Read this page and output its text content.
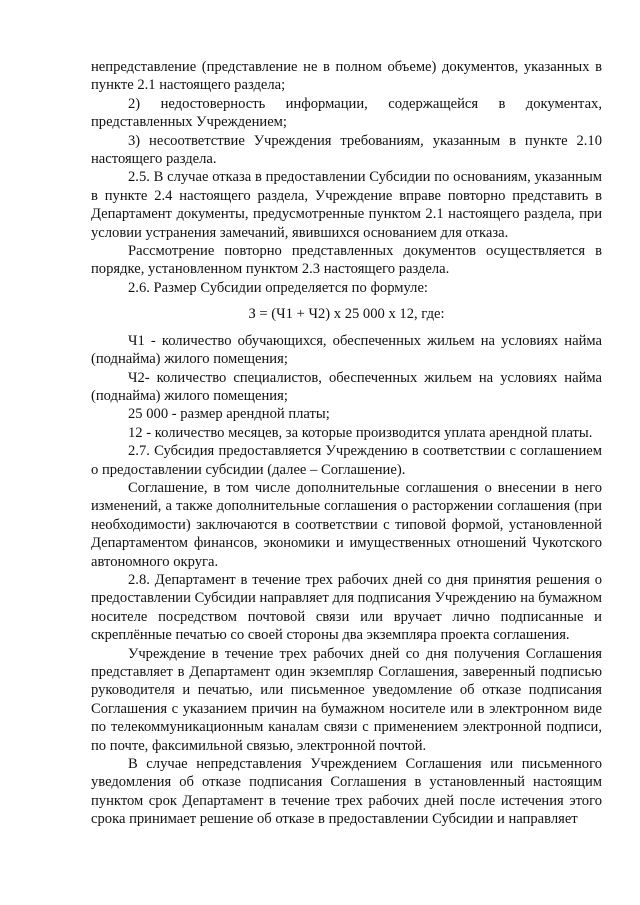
непредставление (представление не в полном объеме) документов, указанных в пункте 2.1 настоящего раздела;

2) недостоверность информации, содержащейся в документах, представленных Учреждением;

3) несоответствие Учреждения требованиям, указанным в пункте 2.10 настоящего раздела.

2.5. В случае отказа в предоставлении Субсидии по основаниям, указанным в пункте 2.4 настоящего раздела, Учреждение вправе повторно представить в Департамент документы, предусмотренные пунктом 2.1 настоящего раздела, при условии устранения замечаний, явившихся основанием для отказа.

Рассмотрение повторно представленных документов осуществляется в порядке, установленном пунктом 2.3 настоящего раздела.

2.6. Размер Субсидии определяется по формуле:

З = (Ч1 + Ч2) х 25 000 х 12, где:

Ч1 - количество обучающихся, обеспеченных жильем на условиях найма (поднайма) жилого помещения;

Ч2- количество специалистов, обеспеченных жильем на условиях найма (поднайма) жилого помещения;

25 000 - размер арендной платы;

12 - количество месяцев, за которые производится уплата арендной платы.

2.7. Субсидия предоставляется Учреждению в соответствии с соглашением о предоставлении субсидии (далее – Соглашение).

Соглашение, в том числе дополнительные соглашения о внесении в него изменений, а также дополнительные соглашения о расторжении соглашения (при необходимости) заключаются в соответствии с типовой формой, установленной Департаментом финансов, экономики и имущественных отношений Чукотского автономного округа.

2.8. Департамент в течение трех рабочих дней со дня принятия решения о предоставлении Субсидии направляет для подписания Учреждению на бумажном носителе посредством почтовой связи или вручает лично подписанные и скреплённые печатью со своей стороны два экземпляра проекта соглашения.

Учреждение в течение трех рабочих дней со дня получения Соглашения представляет в Департамент один экземпляр Соглашения, заверенный подписью руководителя и печатью, или письменное уведомление об отказе подписания Соглашения с указанием причин на бумажном носителе или в электронном виде по телекоммуникационным каналам связи с применением электронной подписи, по почте, факсимильной связью, электронной почтой.

В случае непредставления Учреждением Соглашения или письменного уведомления об отказе подписания Соглашения в установленный настоящим пунктом срок Департамент в течение трех рабочих дней после истечения этого срока принимает решение об отказе в предоставлении Субсидии и направляет
